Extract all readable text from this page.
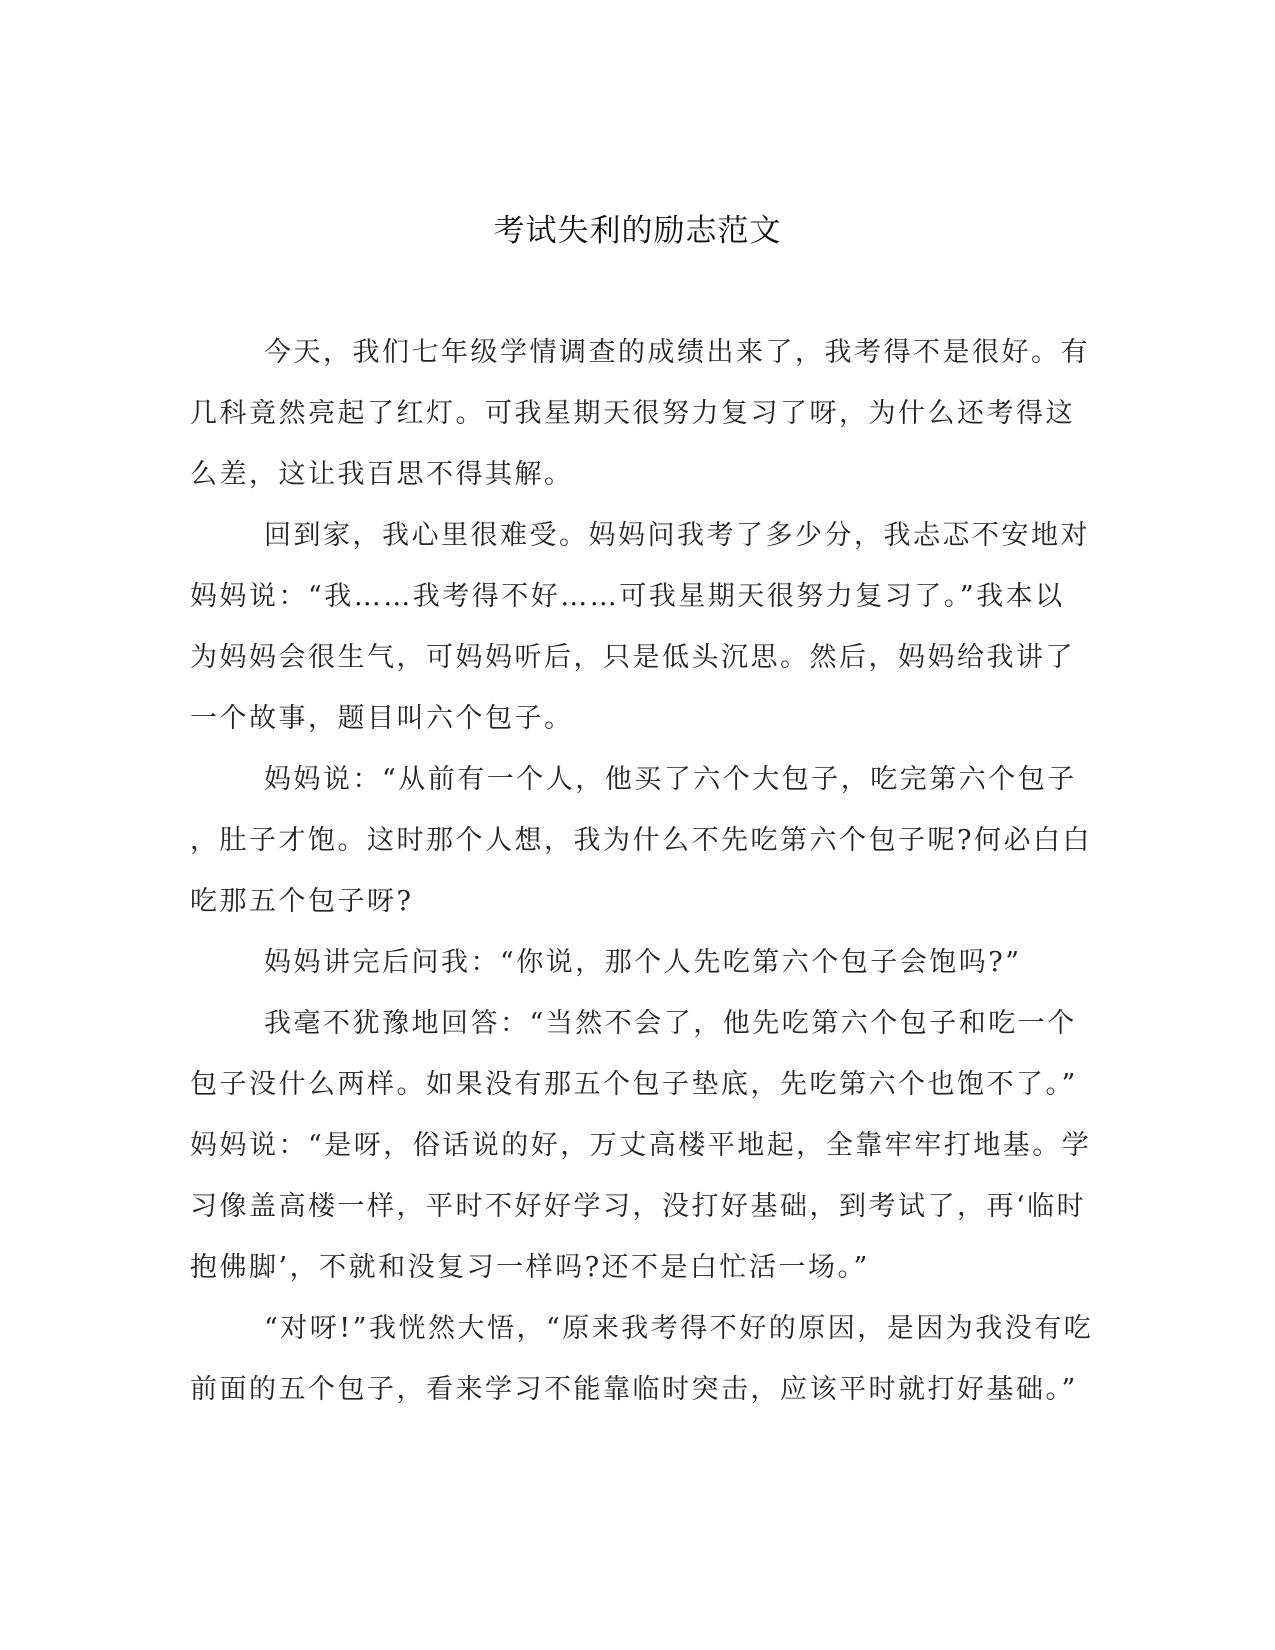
考试失利的励志范文
今天，我们七年级学情调查的成绩出来了，我考得不是很好。有
几科竟然亮起了红灯。可我星期天很努力复习了呀，为什么还考得这
么差，这让我百思不得其解。
回到家，我心里很难受。妈妈问我考了多少分，我忐忑不安地对
妈妈说：“我……我考得不好……可我星期天很努力复习了。”我本以
为妈妈会很生气，可妈妈听后，只是低头沉思。然后，妈妈给我讲了
一个故事，题目叫六个包子。
妈妈说：“从前有一个人，他买了六个大包子，吃完第六个包子
，肚子才饱。这时那个人想，我为什么不先吃第六个包子呢?何必白白
吃那五个包子呀?
妈妈讲完后问我：“你说，那个人先吃第六个包子会饱吗?”
我毫不犹豫地回答：“当然不会了，他先吃第六个包子和吃一个
包子没什么两样。如果没有那五个包子垫底，先吃第六个也饱不了。”
妈妈说：“是呀，俗话说的好，万丈高楼平地起，全靠牢牢打地基。学
习像盖高楼一样，平时不好好学习，没打好基础，到考试了，再‘临时
抱佛脚’，不就和没复习一样吗?还不是白忙活一场。”
“对呀!”我恍然大悟，“原来我考得不好的原因，是因为我没有吃
前面的五个包子，看来学习不能靠临时突击，应该平时就打好基础。”
